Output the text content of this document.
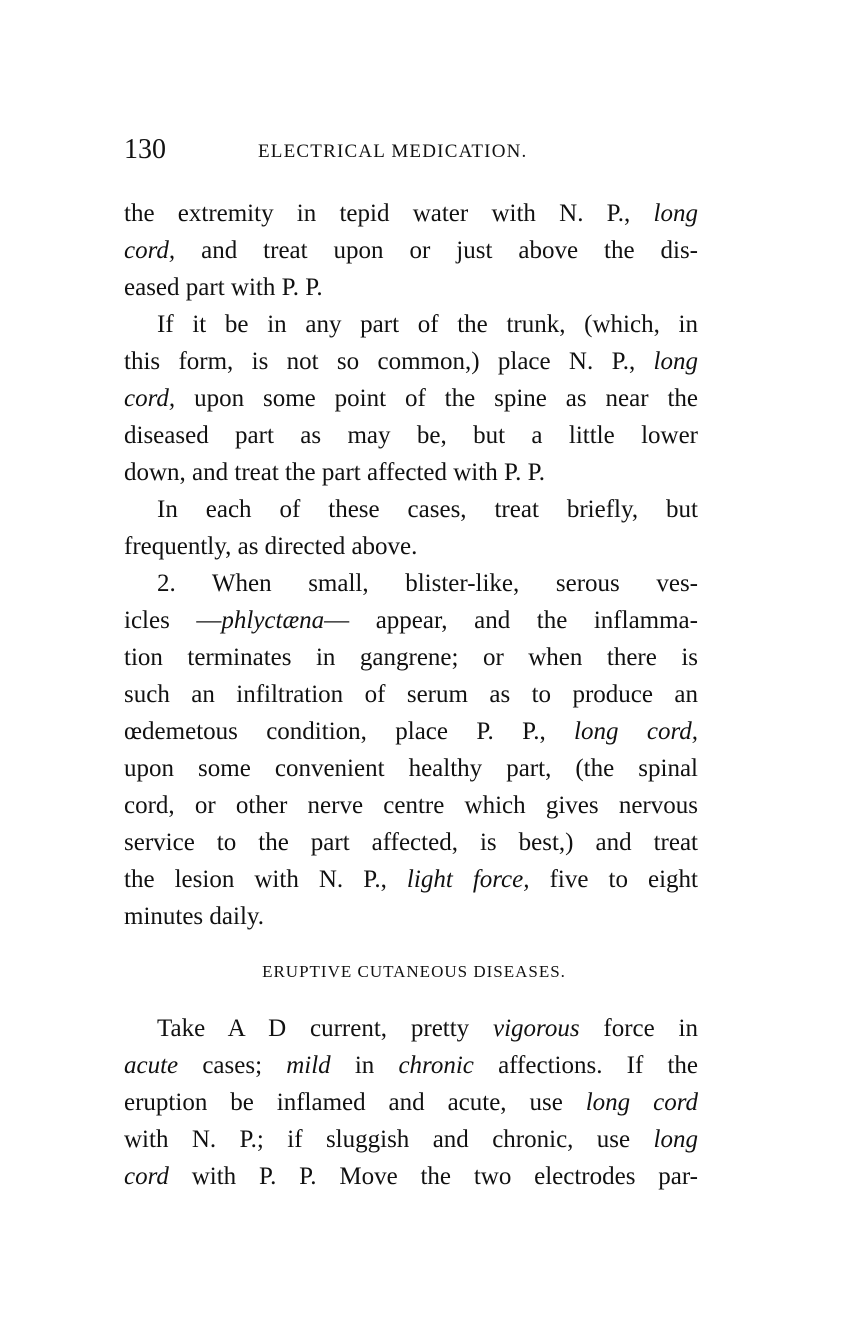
130	ELECTRICAL MEDICATION.
the extremity in tepid water with N. P., long
cord, and treat upon or just above the dis-
eased part with P. P.
If it be in any part of the trunk, (which, in
this form, is not so common,) place N. P., long
cord, upon some point of the spine as near the
diseased part as may be, but a little lower
down, and treat the part affected with P. P.
In each of these cases, treat briefly, but
frequently, as directed above.
2. When small, blister-like, serous ves-
icles —phlyctæna— appear, and the inflamma-
tion terminates in gangrene; or when there is
such an infiltration of serum as to produce an
œdemetous condition, place P. P., long cord,
upon some convenient healthy part, (the spinal
cord, or other nerve centre which gives nervous
service to the part affected, is best,) and treat
the lesion with N. P., light force, five to eight
minutes daily.
ERUPTIVE CUTANEOUS DISEASES.
Take A D current, pretty vigorous force in
acute cases; mild in chronic affections. If the
eruption be inflamed and acute, use long cord
with N. P.; if sluggish and chronic, use long
cord with P. P. Move the two electrodes par-
